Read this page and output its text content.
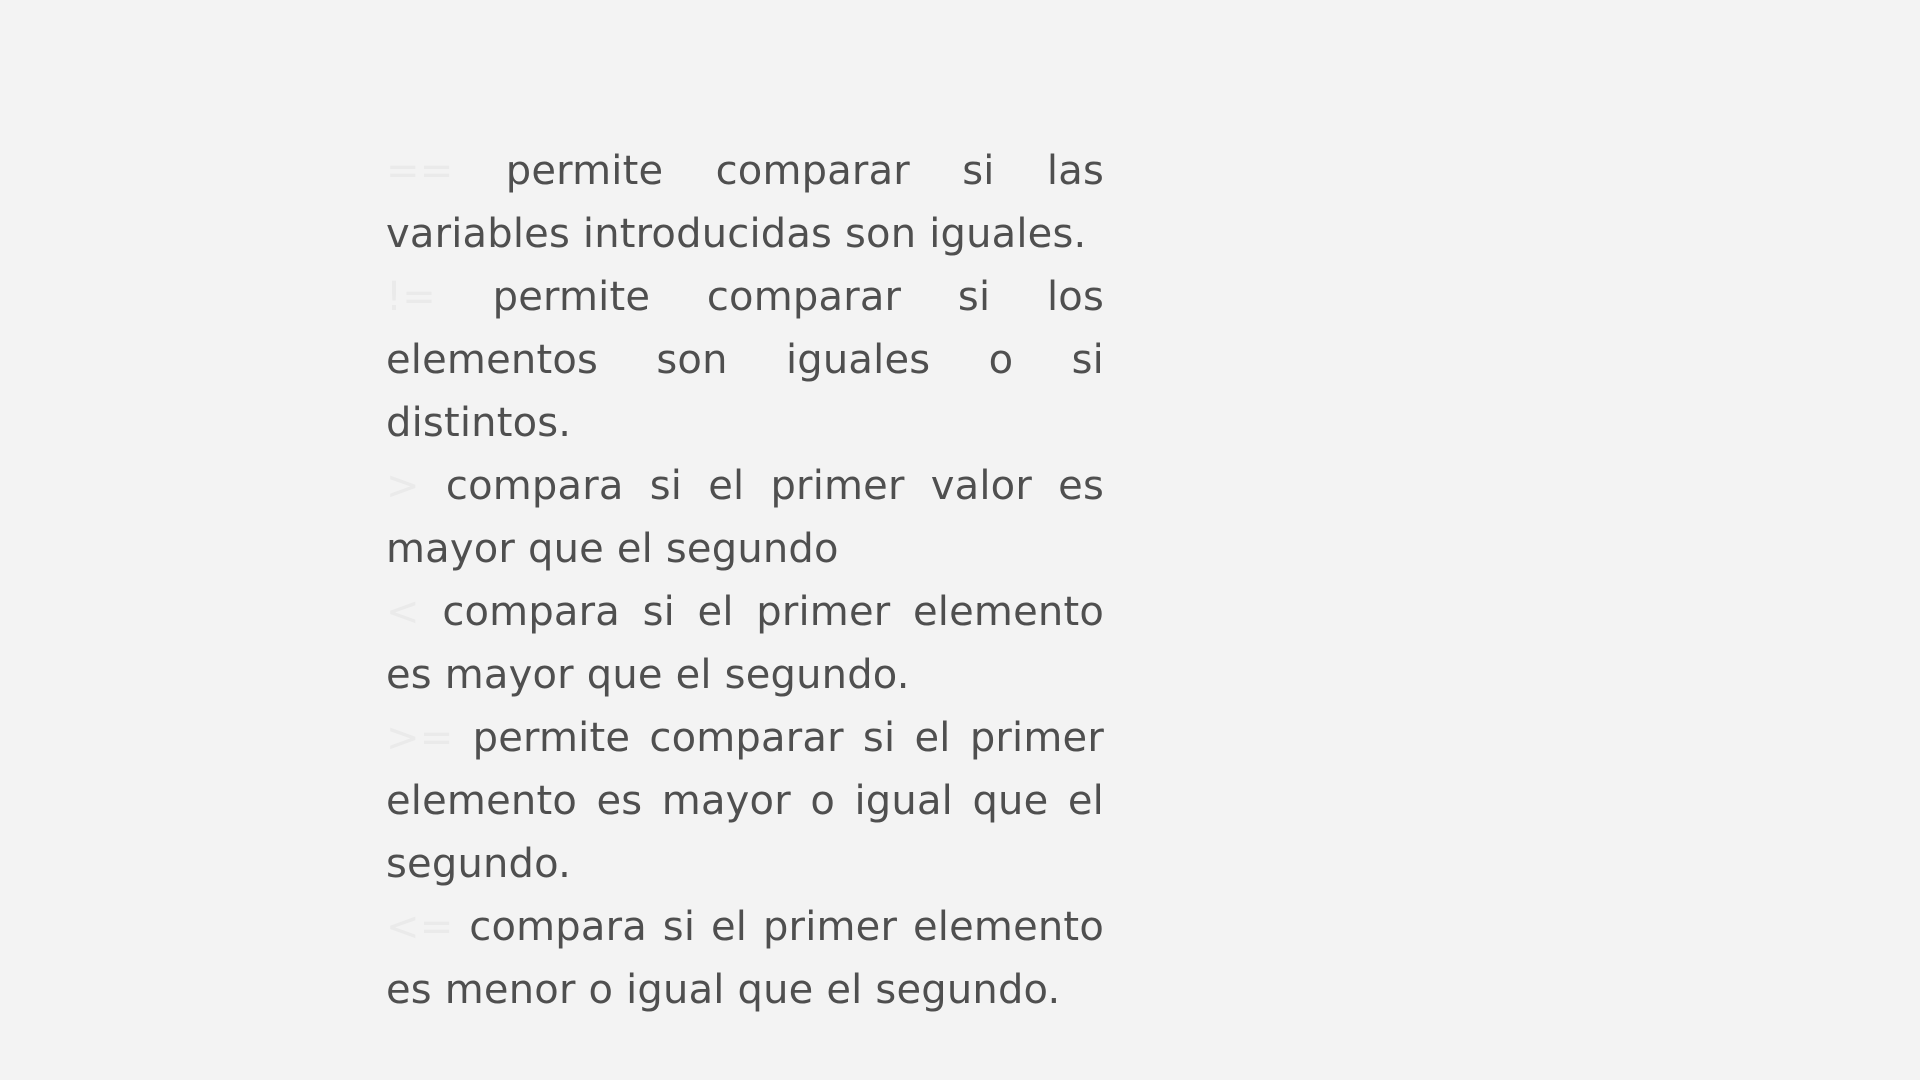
== permite comparar si las variables introducidas son iguales.

!= permite comparar si los elementos son iguales o si distintos.

> compara si el primer valor es mayor que el segundo

< compara si el primer elemento es mayor que el segundo.

>= permite comparar si el primer elemento es mayor o igual que el segundo.

<= compara si el primer elemento es menor o igual que el segundo.
